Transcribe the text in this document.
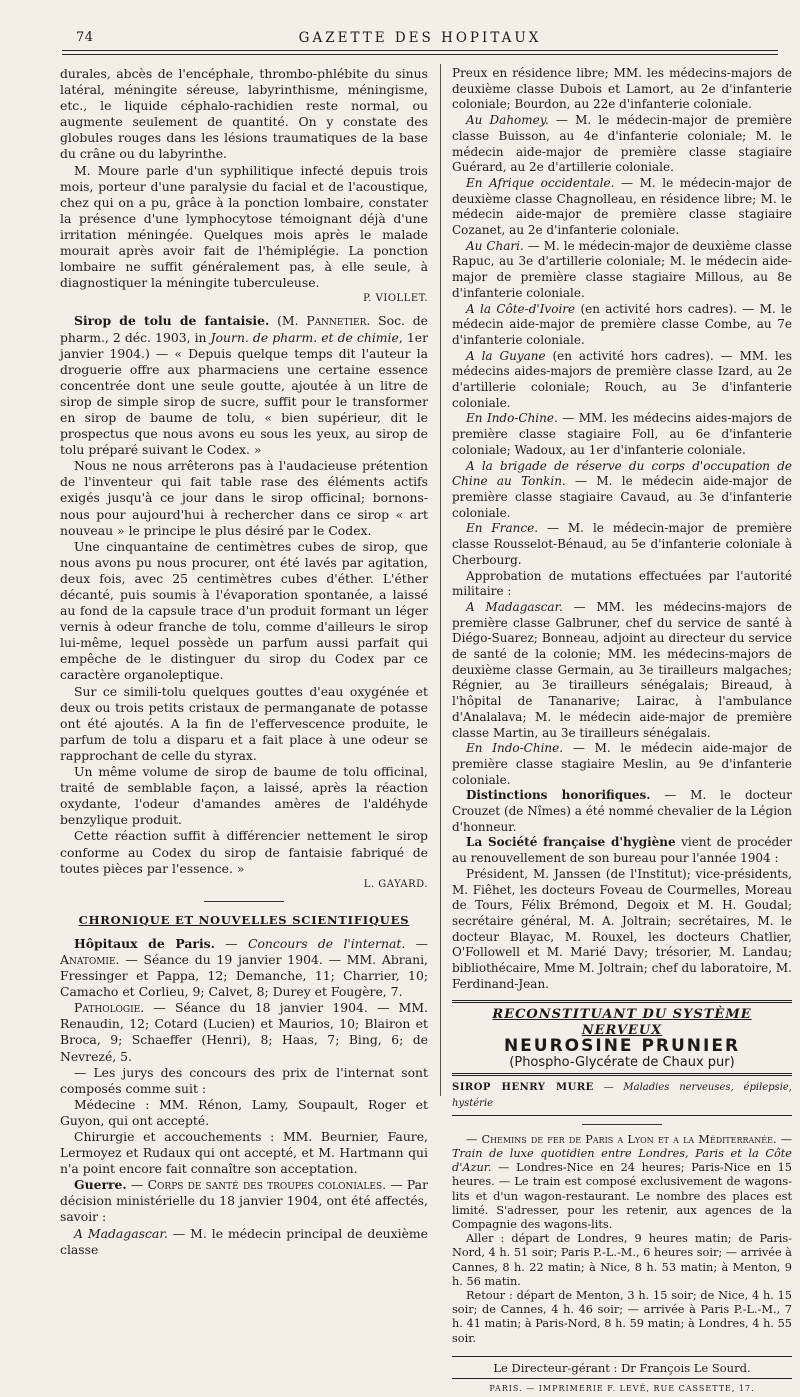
74	GAZETTE DES HOPITAUX

durales, abcès de l'encéphale, thrombo-phlébite du sinus latéral, méningite séreuse, labyrinthisme, méningisme, etc., le liquide céphalo-rachidien reste normal, ou augmente seulement de quantité. On y constate des globules rouges dans les lésions traumatiques de la base du crâne ou du labyrinthe.

M. Moure parle d'un syphilitique infecté depuis trois mois, porteur d'une paralysie du facial et de l'acoustique, chez qui on a pu, grâce à la ponction lombaire, constater la présence d'une lymphocytose témoignant déjà d'une irritation méningée. Quelques mois après le malade mourait après avoir fait de l'hémiplégie. La ponction lombaire ne suffit généralement pas, à elle seule, à diagnostiquer la méningite tuberculeuse.

P. VIOLLET.

Sirop de tolu de fantaisie. (M. Pannetier. Soc. de pharm., 2 déc. 1903, in Journ. de pharm. et de chimie, 1er janvier 1904.) — « Depuis quelque temps dit l'auteur la droguerie offre aux pharmaciens une certaine essence concentrée dont une seule goutte, ajoutée à un litre de sirop de simple sirop de sucre, suffit pour le transformer en sirop de baume de tolu, « bien supérieur, dit le prospectus que nous avons eu sous les yeux, au sirop de tolu préparé suivant le Codex. »

Nous ne nous arrêterons pas à l'audacieuse prétention de l'inventeur qui fait table rase des éléments actifs exigés jusqu'à ce jour dans le sirop officinal; bornons-nous pour aujourd'hui à rechercher dans ce sirop « art nouveau » le principe le plus désiré par le Codex.

Une cinquantaine de centimètres cubes de sirop, que nous avons pu nous procurer, ont été lavés par agitation, deux fois, avec 25 centimètres cubes d'éther. L'éther décanté, puis soumis à l'évaporation spontanée, a laissé au fond de la capsule trace d'un produit formant un léger vernis à odeur franche de tolu, comme d'ailleurs le sirop lui-même, lequel possède un parfum aussi parfait qui empêche de le distinguer du sirop du Codex par ce caractère organoleptique.

Sur ce simili-tolu quelques gouttes d'eau oxygénée et deux ou trois petits cristaux de permanganate de potasse ont été ajoutés. A la fin de l'effervescence produite, le parfum de tolu a disparu et a fait place à une odeur se rapprochant de celle du styrax.

Un même volume de sirop de baume de tolu officinal, traité de semblable façon, a laissé, après la réaction oxydante, l'odeur d'amandes amères de l'aldéhyde benzylique produit.

Cette réaction suffit à différencier nettement le sirop conforme au Codex du sirop de fantaisie fabriqué de toutes pièces par l'essence. »

L. GAYARD.
CHRONIQUE ET NOUVELLES SCIENTIFIQUES

Hôpitaux de Paris. — Concours de l'internat. — Anatomie. — Séance du 19 janvier 1904. — MM. Abrani, Fressinger et Pappa, 12; Demanche, 11; Charrier, 10; Camacho et Corlieu, 9; Calvet, 8; Durey et Fougère, 7.

Pathologie. — Séance du 18 janvier 1904. — MM. Renaudin, 12; Cotard (Lucien) et Maurios, 10; Blairon et Broca, 9; Schaeffer (Henri), 8; Haas, 7; Bing, 6; de Nevrezé, 5.

— Les jurys des concours des prix de l'internat sont composés comme suit :

Médecine : MM. Rénon, Lamy, Soupault, Roger et Guyon, qui ont accepté.

Chirurgie et accouchements : MM. Beurnier, Faure, Lermoyez et Rudaux qui ont accepté, et M. Hartmann qui n'a point encore fait connaître son acceptation.

Guerre. — Corps de santé des troupes coloniales. — Par décision ministérielle du 18 janvier 1904, ont été affectés, savoir :

A Madagascar. — M. le médecin principal de deuxième classe

Preux en résidence libre; MM. les médecins-majors de deuxième classe Dubois et Lamort, au 2e d'infanterie coloniale; Bourdon, au 22e d'infanterie coloniale.

Au Dahomey. — M. le médecin-major de première classe Buisson, au 4e d'infanterie coloniale; M. le médecin aide-major de première classe stagiaire Guérard, au 2e d'artillerie coloniale.

En Afrique occidentale. — M. le médecin-major de deuxième classe Chagnolleau, en résidence libre; M. le médecin aide-major de première classe stagiaire Cozanet, au 2e d'infanterie coloniale.

Au Chari. — M. le médecin-major de deuxième classe Rapuc, au 3e d'artillerie coloniale; M. le médecin aide-major de première classe stagiaire Millous, au 8e d'infanterie coloniale.

A la Côte-d'Ivoire (en activité hors cadres). — M. le médecin aide-major de première classe Combe, au 7e d'infanterie coloniale.

A la Guyane (en activité hors cadres). — MM. les médecins aides-majors de première classe Izard, au 2e d'artillerie coloniale; Rouch, au 3e d'infanterie coloniale.

En Indo-Chine. — MM. les médecins aides-majors de première classe stagiaire Foll, au 6e d'infanterie coloniale; Wadoux, au 1er d'infanterie coloniale.

A la brigade de réserve du corps d'occupation de Chine au Tonkin. — M. le médecin aide-major de première classe stagiaire Cavaud, au 3e d'infanterie coloniale.

En France. — M. le médecin-major de première classe Rousselot-Bénaud, au 5e d'infanterie coloniale à Cherbourg.

Approbation de mutations effectuées par l'autorité militaire :

A Madagascar. — MM. les médecins-majors de première classe Galbruner, chef du service de santé à Diégo-Suarez; Bonneau, adjoint au directeur du service de santé de la colonie; MM. les médecins-majors de deuxième classe Germain, au 3e tirailleurs malgaches; Régnier, au 3e tirailleurs sénégalais; Bireaud, à l'hôpital de Tananarive; Lairac, à l'ambulance d'Analalava; M. le médecin aide-major de première classe Martin, au 3e tirailleurs sénégalais.

En Indo-Chine. — M. le médecin aide-major de première classe stagiaire Meslin, au 9e d'infanterie coloniale.

Distinctions honorifiques. — M. le docteur Crouzet (de Nîmes) a été nommé chevalier de la Légion d'honneur.

La Société française d'hygiène vient de procéder au renouvellement de son bureau pour l'année 1904 :

Président, M. Janssen (de l'Institut); vice-présidents, M. Fiêhet, les docteurs Foveau de Courmelles, Moreau de Tours, Félix Brémond, Degoix et M. H. Goudal; secrétaire général, M. A. Joltrain; secrétaires, M. le docteur Blayac, M. Rouxel, les docteurs Chatlier, O'Followell et M. Marié Davy; trésorier, M. Landau; bibliothécaire, Mme M. Joltrain; chef du laboratoire, M. Ferdinand-Jean.

RECONSTITUANT DU SYSTÈME NERVEUX
NEUROSINE PRUNIER
(Phospho-Glycérate de Chaux pur)
SIROP HENRY MURE — Maladies nerveuses, épilepsie, hystérie

— Chemins de fer de Paris a Lyon et a la Méditerranée. — Train de luxe quotidien entre Londres, Paris et la Côte d'Azur. — Londres-Nice en 24 heures; Paris-Nice en 15 heures. — Le train est composé exclusivement de wagons-lits et d'un wagon-restaurant. Le nombre des places est limité. S'adresser, pour les retenir, aux agences de la Compagnie des wagons-lits.

Aller : départ de Londres, 9 heures matin; de Paris-Nord, 4 h. 51 soir; Paris P.-L.-M., 6 heures soir; — arrivée à Cannes, 8 h. 22 matin; à Nice, 8 h. 53 matin; à Menton, 9 h. 56 matin.

Retour : départ de Menton, 3 h. 15 soir; de Nice, 4 h. 15 soir; de Cannes, 4 h. 46 soir; — arrivée à Paris P.-L.-M., 7 h. 41 matin; à Paris-Nord, 8 h. 59 matin; à Londres, 4 h. 55 soir.

Le Directeur-gérant : Dr François Le Sourd.
PARIS. — IMPRIMERIE F. LEVÉ, RUE CASSETTE, 17.
